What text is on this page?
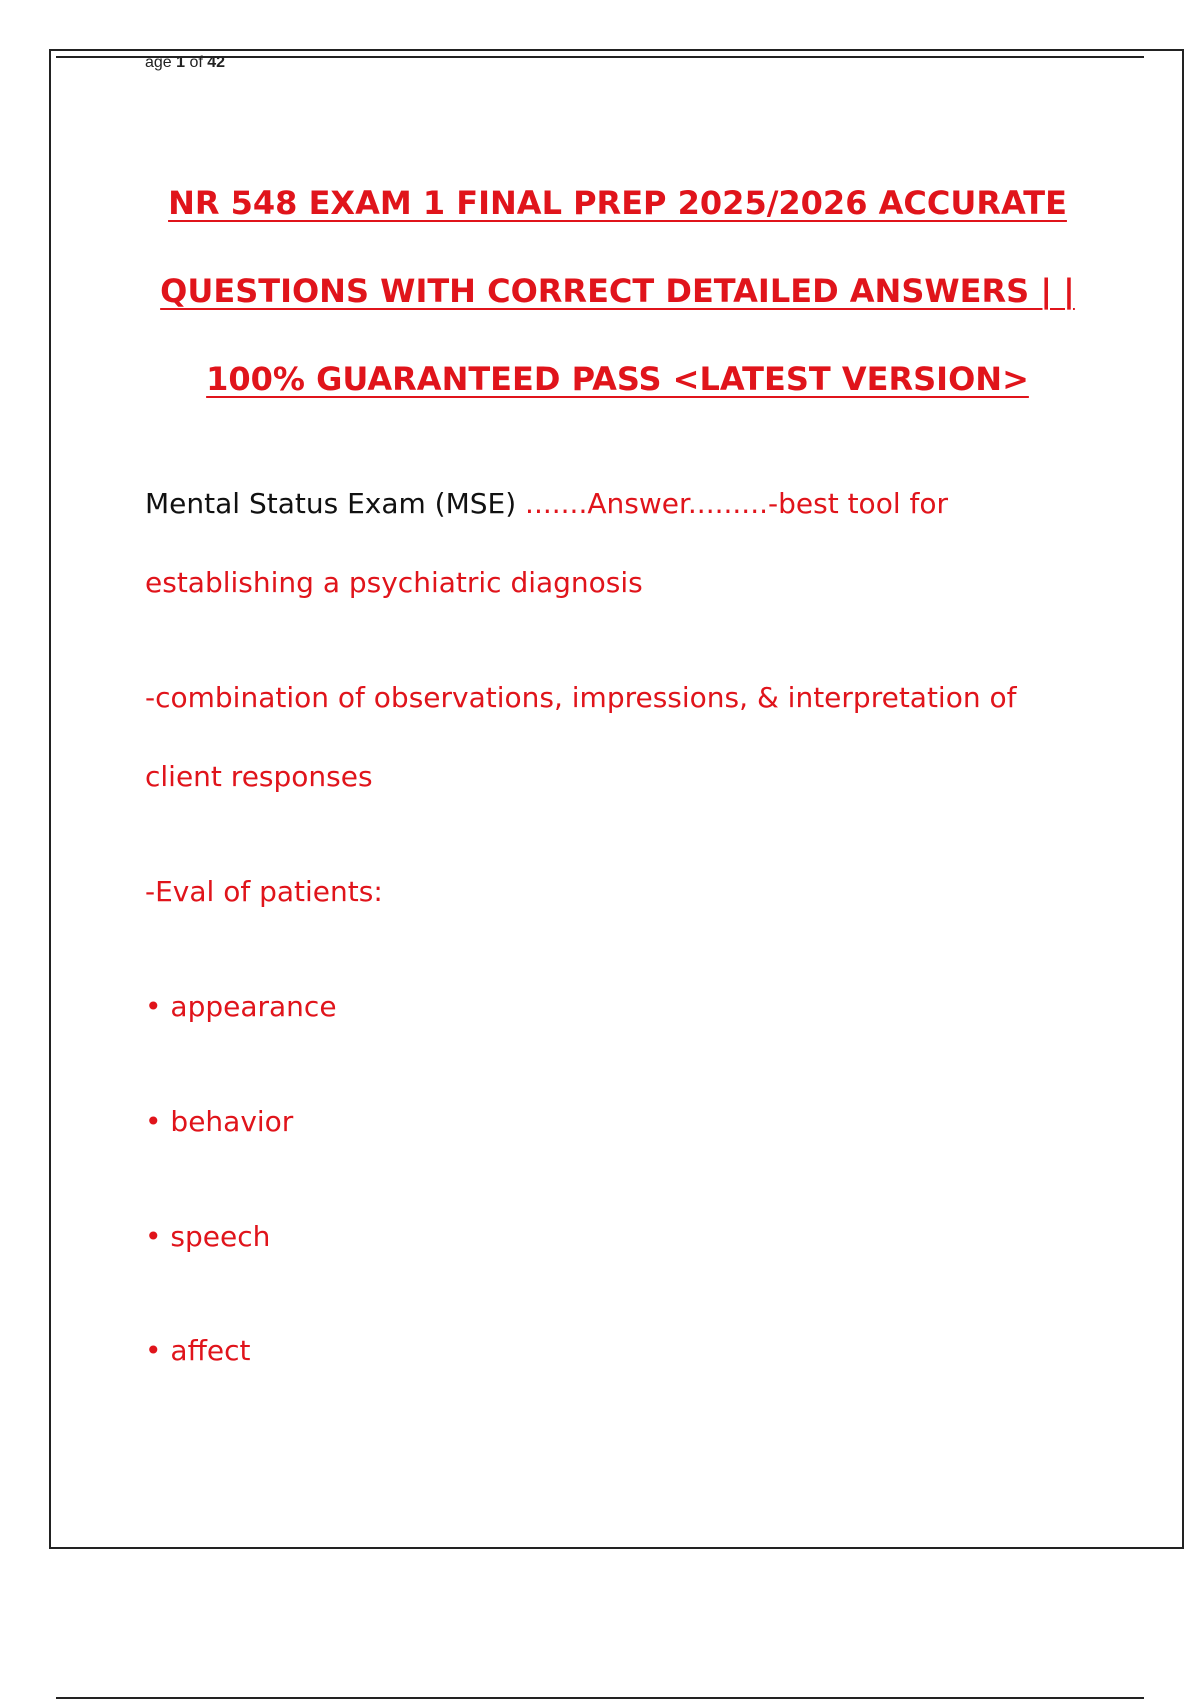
age 1 of 42
NR 548 EXAM 1 FINAL PREP 2025/2026 ACCURATE
QUESTIONS WITH CORRECT DETAILED ANSWERS | |
100% GUARANTEED PASS <LATEST VERSION>
Mental Status Exam (MSE) .......Answer.........-best tool for
establishing a psychiatric diagnosis
-combination of observations, impressions, & interpretation of
client responses
-Eval of patients:
• appearance
• behavior
• speech
• affect
